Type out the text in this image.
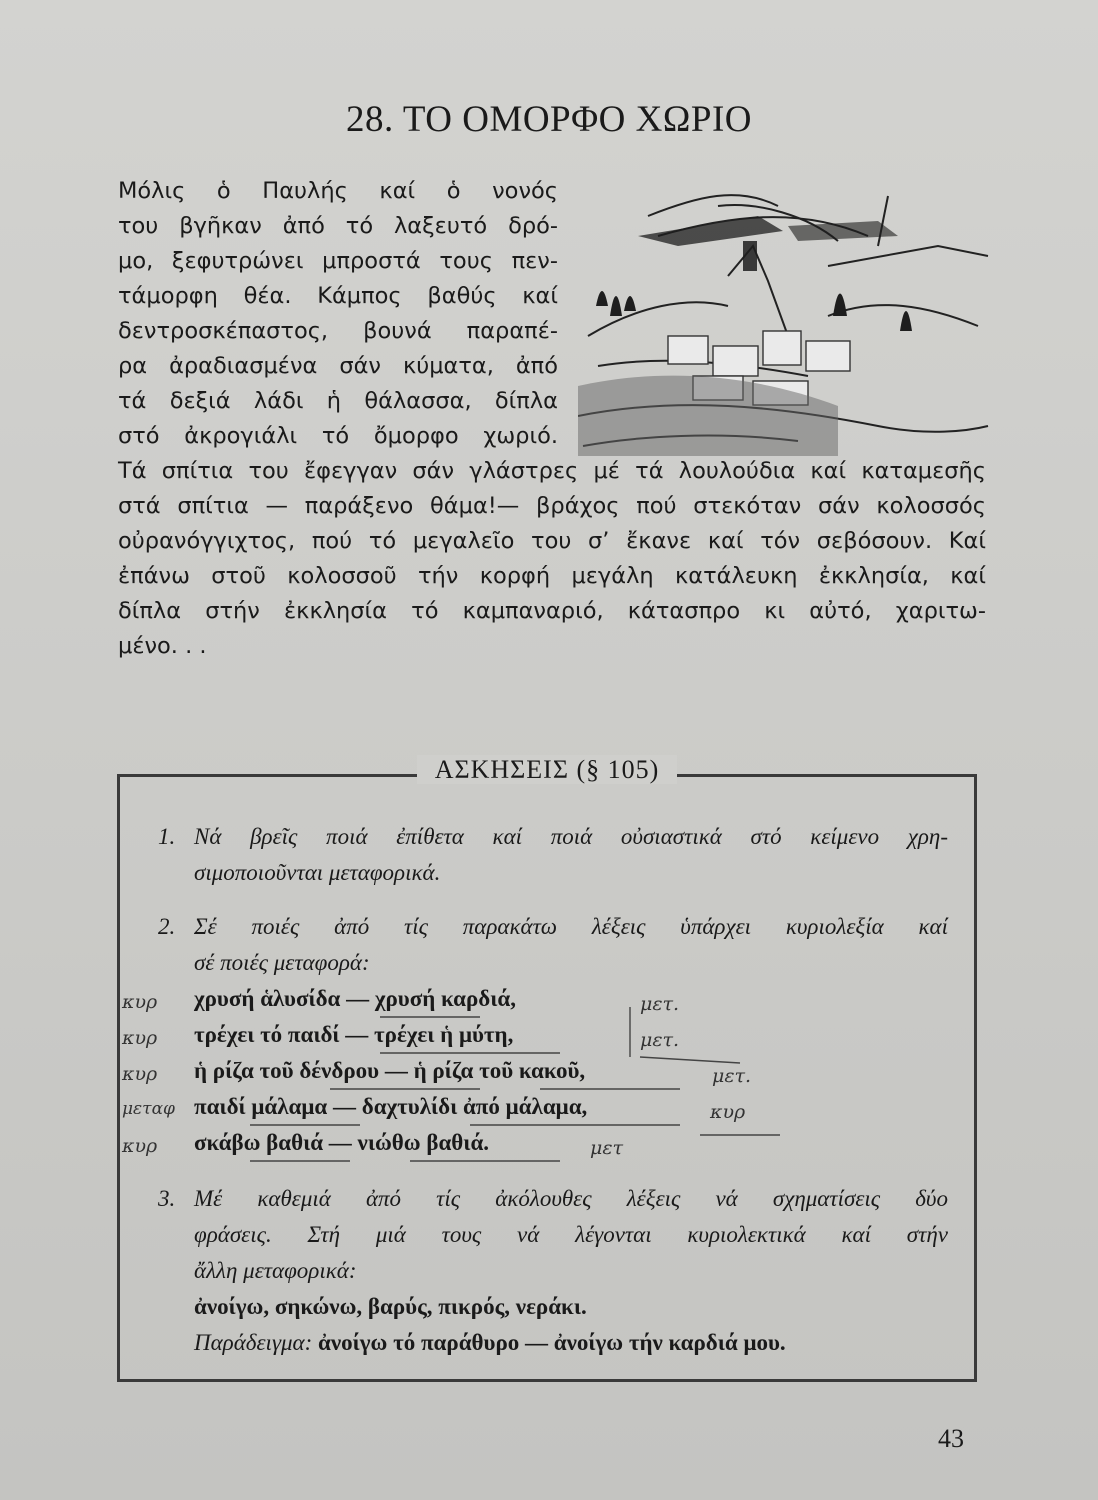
28. ΤΟ ΟΜΟΡΦΟ ΧΩΡΙΟ
Μόλις ὁ Παυλής καί ὁ νονός
του βγῆκαν ἀπό τό λαξευτό δρό-
μο, ξεφυτρώνει μπροστά τους πεν-
τάμορφη θέα. Κάμπος βαθύς καί
δεντροσκέπαστος, βουνά παραπέ-
ρα ἀραδιασμένα σάν κύματα, ἀπό
τά δεξιά λάδι ἡ θάλασσα, δίπλα
στό ἀκρογιάλι τό ὄμορφο χωριό.
Τά σπίτια του ἔφεγγαν σάν γλάστρες μέ τά λουλούδια καί καταμεσῆς
στά σπίτια — παράξενο θάμα!— βράχος πού στεκόταν σάν κολοσσός
οὐρανόγγιχτος, πού τό μεγαλεῖο του σ’ ἔκανε καί τόν σεβόσουν. Καί
ἐπάνω στοῦ κολοσσοῦ τήν κορφή μεγάλη κατάλευκη ἐκκλησία, καί
δίπλα στήν ἐκκλησία τό καμπαναριό, κάτασπρο κι αὐτό, χαριτω-
μένο. . .
ΑΣΚΗΣΕΙΣ (§ 105)
1. Νά βρεῖς ποιά ἐπίθετα καί ποιά οὐσιαστικά στό κείμενο χρη-
σιμοποιοῦνται μεταφορικά.
2. Σέ ποιές ἀπό τίς παρακάτω λέξεις ὑπάρχει κυριολεξία καί
σέ ποιές μεταφορά:
χρυσή ἁλυσίδα — χρυσή καρδιά,
τρέχει τό παιδί — τρέχει ἡ μύτη,
ἡ ρίζα τοῦ δένδρου — ἡ ρίζα τοῦ κακοῦ,
παιδί μάλαμα — δαχτυλίδι ἀπό μάλαμα,
σκάβω βαθιά — νιώθω βαθιά.
κυρ
κυρ
κυρ
μεταφ
κυρ
μετ.
μετ.
μετ.
κυρ
μετ
3. Μέ καθεμιά ἀπό τίς ἀκόλουθες λέξεις νά σχηματίσεις δύο
φράσεις. Στή μιά τους νά λέγονται κυριολεκτικά καί στήν
ἄλλη μεταφορικά:
ἀνοίγω, σηκώνω, βαρύς, πικρός, νεράκι.
Παράδειγμα: ἀνοίγω τό παράθυρο — ἀνοίγω τήν καρδιά μου.
43
